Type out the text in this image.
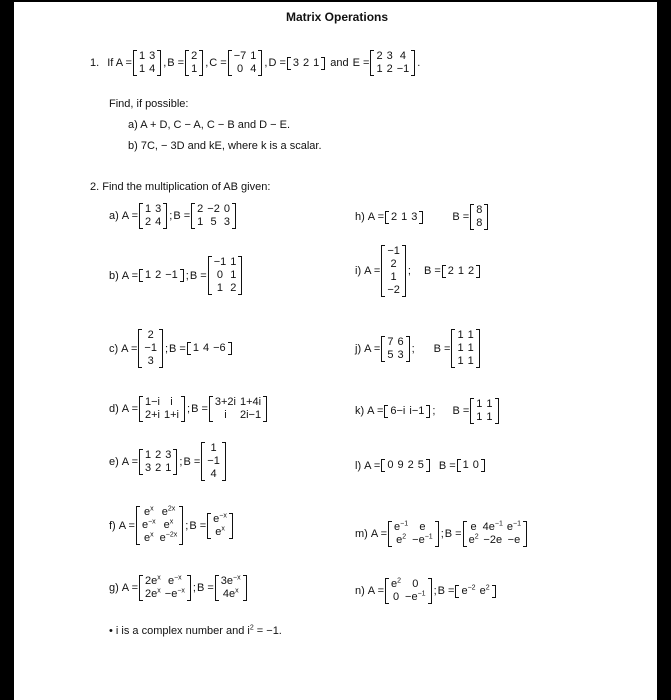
Matrix Operations
1. If A =
1	3
1	4 , B =
2
1 , C =
−7	1
0	4 , D = 3	2	1 and E =
2	3	4
1	2	−1 .
Find, if possible:
a) A + D, C − A, C − B and D − E.
b) 7C, − 3D and kE, where k is a scalar.
2. Find the multiplication of AB given:
a) A =
1	3
2	4 ; B =
2	−2	0
1	5	3
b) A = 1	2	−1 ; B =
−1	1
0	1
1	2
c) A =
2
−1
3
; B = 1	4	−6
d) A =
1−i	i
2+i	1+i ; B =
3+2i	1+4i
i	2i−1
e) A =
1	2	3
3	2	1 ; B =
1
−1
4
f) A =
$e^x$	$e^{2x}$
$e^{-x}$	$e^x$
$e^x$	$e^{-2x}$
; B =
$e^{-x}$
$e^x$
g) A =
$2e^x$	$e^{-x}$
$2e^x$	$-e^{-x}$ ; B =
$3e^{-x}$
$4e^x$
h) A = 2	1	3	B =
8
8
i) A =
−1
2
1
−2
; B = 2	1	2
j) A =
7	6
5	3 ; B =
1	1
1	1
1	1
k) A = 6−i	i−1 ; B =
1	1
1	1
l) A = 0	9	2	5 B = 1	0
m) A =
$e^{-1}$	e
$e^2$	$-e^{-1}$ ; B =
e	$4e^{-1}$	$e^{-1}$
$e^2$	−2e	−e
n) A =
$e^2$	0
0	$-e^{-1}$ ; $B = e^{-2}$	$e^2$
• i is a complex number and $i^2 = -1$.
